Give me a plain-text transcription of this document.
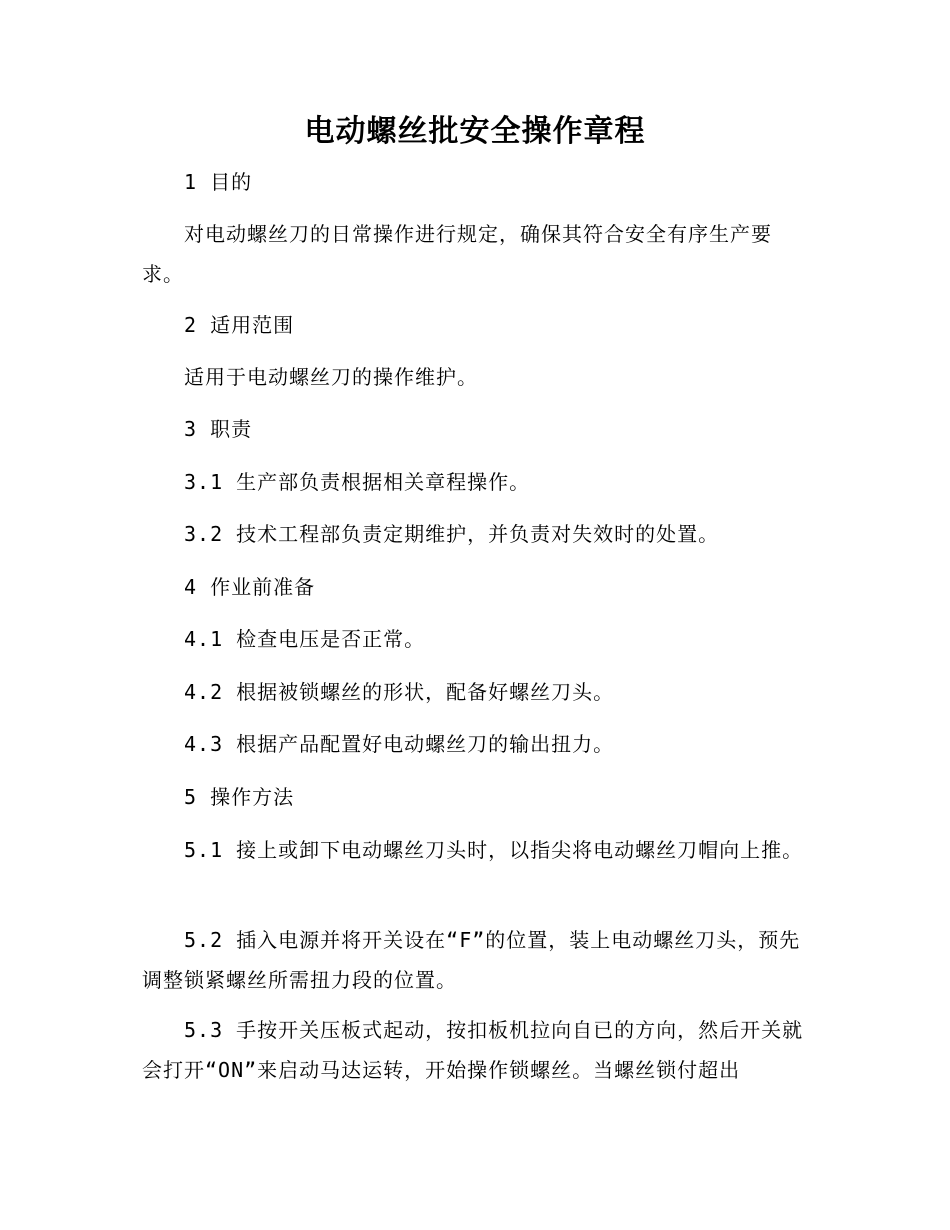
电动螺丝批安全操作章程
1 目的
对电动螺丝刀的日常操作进行规定，确保其符合安全有序生产要求。
2 适用范围
适用于电动螺丝刀的操作维护。
3 职责
3.1 生产部负责根据相关章程操作。
3.2 技术工程部负责定期维护，并负责对失效时的处置。
4 作业前准备
4.1 检查电压是否正常。
4.2 根据被锁螺丝的形状，配备好螺丝刀头。
4.3 根据产品配置好电动螺丝刀的输出扭力。
5 操作方法
5.1 接上或卸下电动螺丝刀头时，以指尖将电动螺丝刀帽向上推。
5.2 插入电源并将开关设在“F”的位置，装上电动螺丝刀头，预先调整锁紧螺丝所需扭力段的位置。
5.3 手按开关压板式起动，按扣板机拉向自已的方向，然后开关就会打开“ON”来启动马达运转，开始操作锁螺丝。当螺丝锁付超出
